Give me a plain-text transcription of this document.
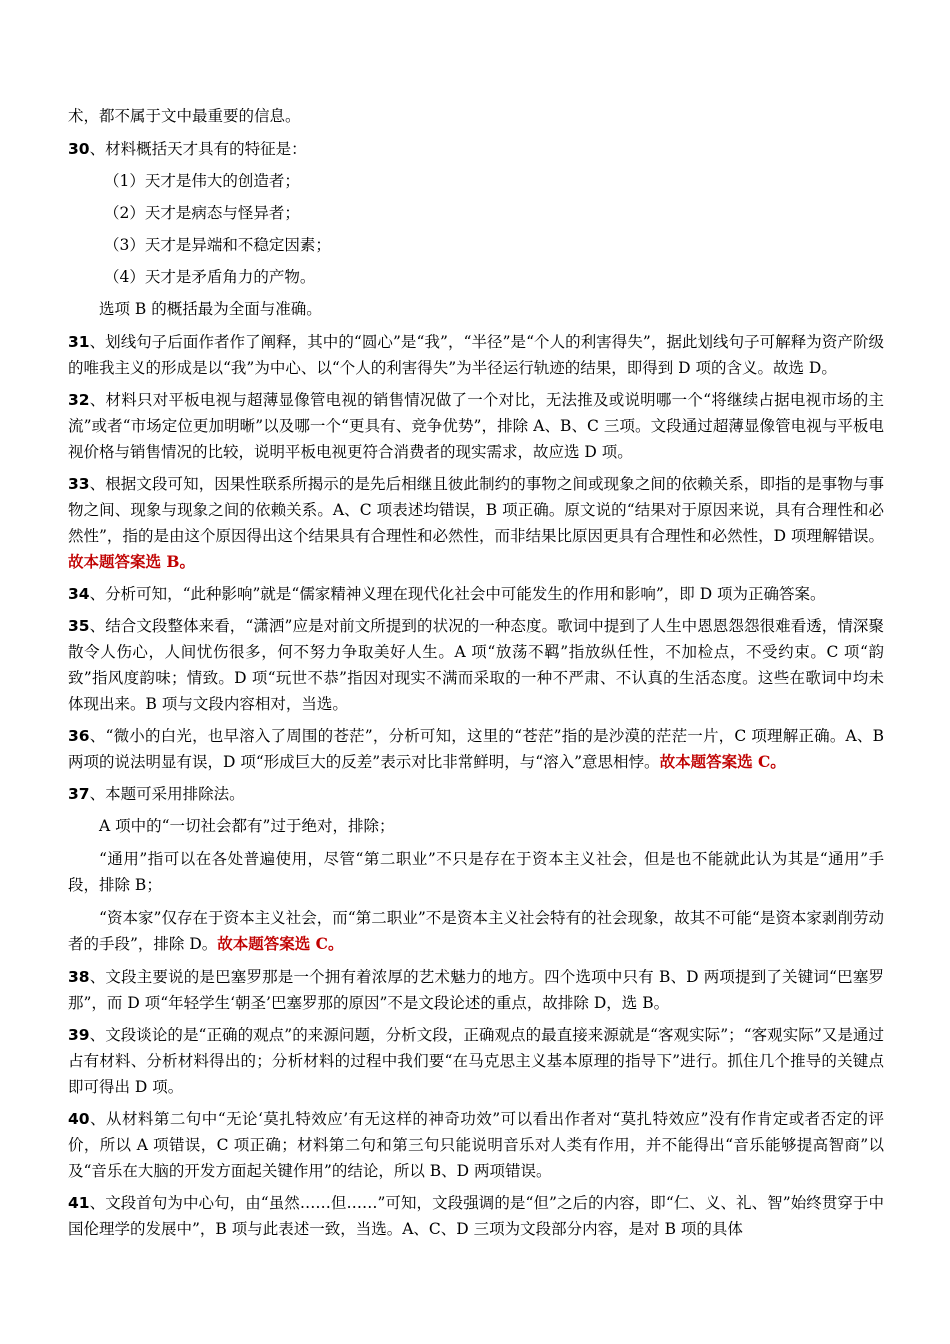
术，都不属于文中最重要的信息。
30、材料概括天才具有的特征是：
（1）天才是伟大的创造者；
（2）天才是病态与怪异者；
（3）天才是异端和不稳定因素；
（4）天才是矛盾角力的产物。
选项 B 的概括最为全面与准确。
31、划线句子后面作者作了阐释，其中的“圆心”是“我”，“半径”是“个人的利害得失”，据此划线句子可解释为资产阶级的唯我主义的形成是以“我”为中心、以“个人的利害得失”为半径运行轨迹的结果，即得到 D 项的含义。故选 D。
32、材料只对平板电视与超薄显像管电视的销售情况做了一个对比，无法推及或说明哪一个“将继续占据电视市场的主流”或者“市场定位更加明晰”以及哪一个“更具有、竞争优势”，排除 A、B、C 三项。文段通过超薄显像管电视与平板电视价格与销售情况的比较，说明平板电视更符合消费者的现实需求，故应选 D 项。
33、根据文段可知，因果性联系所揭示的是先后相继且彼此制约的事物之间或现象之间的依赖关系，即指的是事物与事物之间、现象与现象之间的依赖关系。A、C 项表述均错误，B 项正确。原文说的“结果对于原因来说，具有合理性和必然性”，指的是由这个原因得出这个结果具有合理性和必然性，而非结果比原因更具有合理性和必然性，D 项理解错误。故本题答案选 B。
34、分析可知，“此种影响”就是“儒家精神义理在现代化社会中可能发生的作用和影响”，即 D 项为正确答案。
35、结合文段整体来看，“潇洒”应是对前文所提到的状况的一种态度。歌词中提到了人生中恩恩怨怨很难看透，情深聚散令人伤心，人间忧伤很多，何不努力争取美好人生。A 项“放荡不羁”指放纵任性，不加检点，不受约束。C 项“韵致”指风度韵味；情致。D 项“玩世不恭”指因对现实不满而采取的一种不严肃、不认真的生活态度。这些在歌词中均未体现出来。B 项与文段内容相对，当选。
36、“微小的白光，也早溶入了周围的苍茫”，分析可知，这里的“苍茫”指的是沙漠的茫茫一片，C 项理解正确。A、B 两项的说法明显有误，D 项“形成巨大的反差”表示对比非常鲜明，与“溶入”意思相悖。故本题答案选 C。
37、本题可采用排除法。
A 项中的“一切社会都有”过于绝对，排除；
“通用”指可以在各处普遍使用，尽管“第二职业”不只是存在于资本主义社会，但是也不能就此认为其是“通用”手段，排除 B；
“资本家”仅存在于资本主义社会，而“第二职业”不是资本主义社会特有的社会现象，故其不可能“是资本家剥削劳动者的手段”，排除 D。故本题答案选 C。
38、文段主要说的是巴塞罗那是一个拥有着浓厚的艺术魅力的地方。四个选项中只有 B、D 两项提到了关键词“巴塞罗那”，而 D 项“年轻学生‘朝圣’巴塞罗那的原因”不是文段论述的重点，故排除 D，选 B。
39、文段谈论的是“正确的观点”的来源问题，分析文段，正确观点的最直接来源就是“客观实际”；“客观实际”又是通过占有材料、分析材料得出的；分析材料的过程中我们要“在马克思主义基本原理的指导下”进行。抓住几个推导的关键点即可得出 D 项。
40、从材料第二句中“无论‘莫扎特效应’有无这样的神奇功效”可以看出作者对“莫扎特效应”没有作肯定或者否定的评价，所以 A 项错误，C 项正确；材料第二句和第三句只能说明音乐对人类有作用，并不能得出“音乐能够提高智商”以及“音乐在大脑的开发方面起关键作用”的结论，所以 B、D 两项错误。
41、文段首句为中心句，由“虽然……但……”可知，文段强调的是“但”之后的内容，即“仁、义、礼、智”始终贯穿于中国伦理学的发展中”，B 项与此表述一致，当选。A、C、D 三项为文段部分内容，是对 B 项的具体
